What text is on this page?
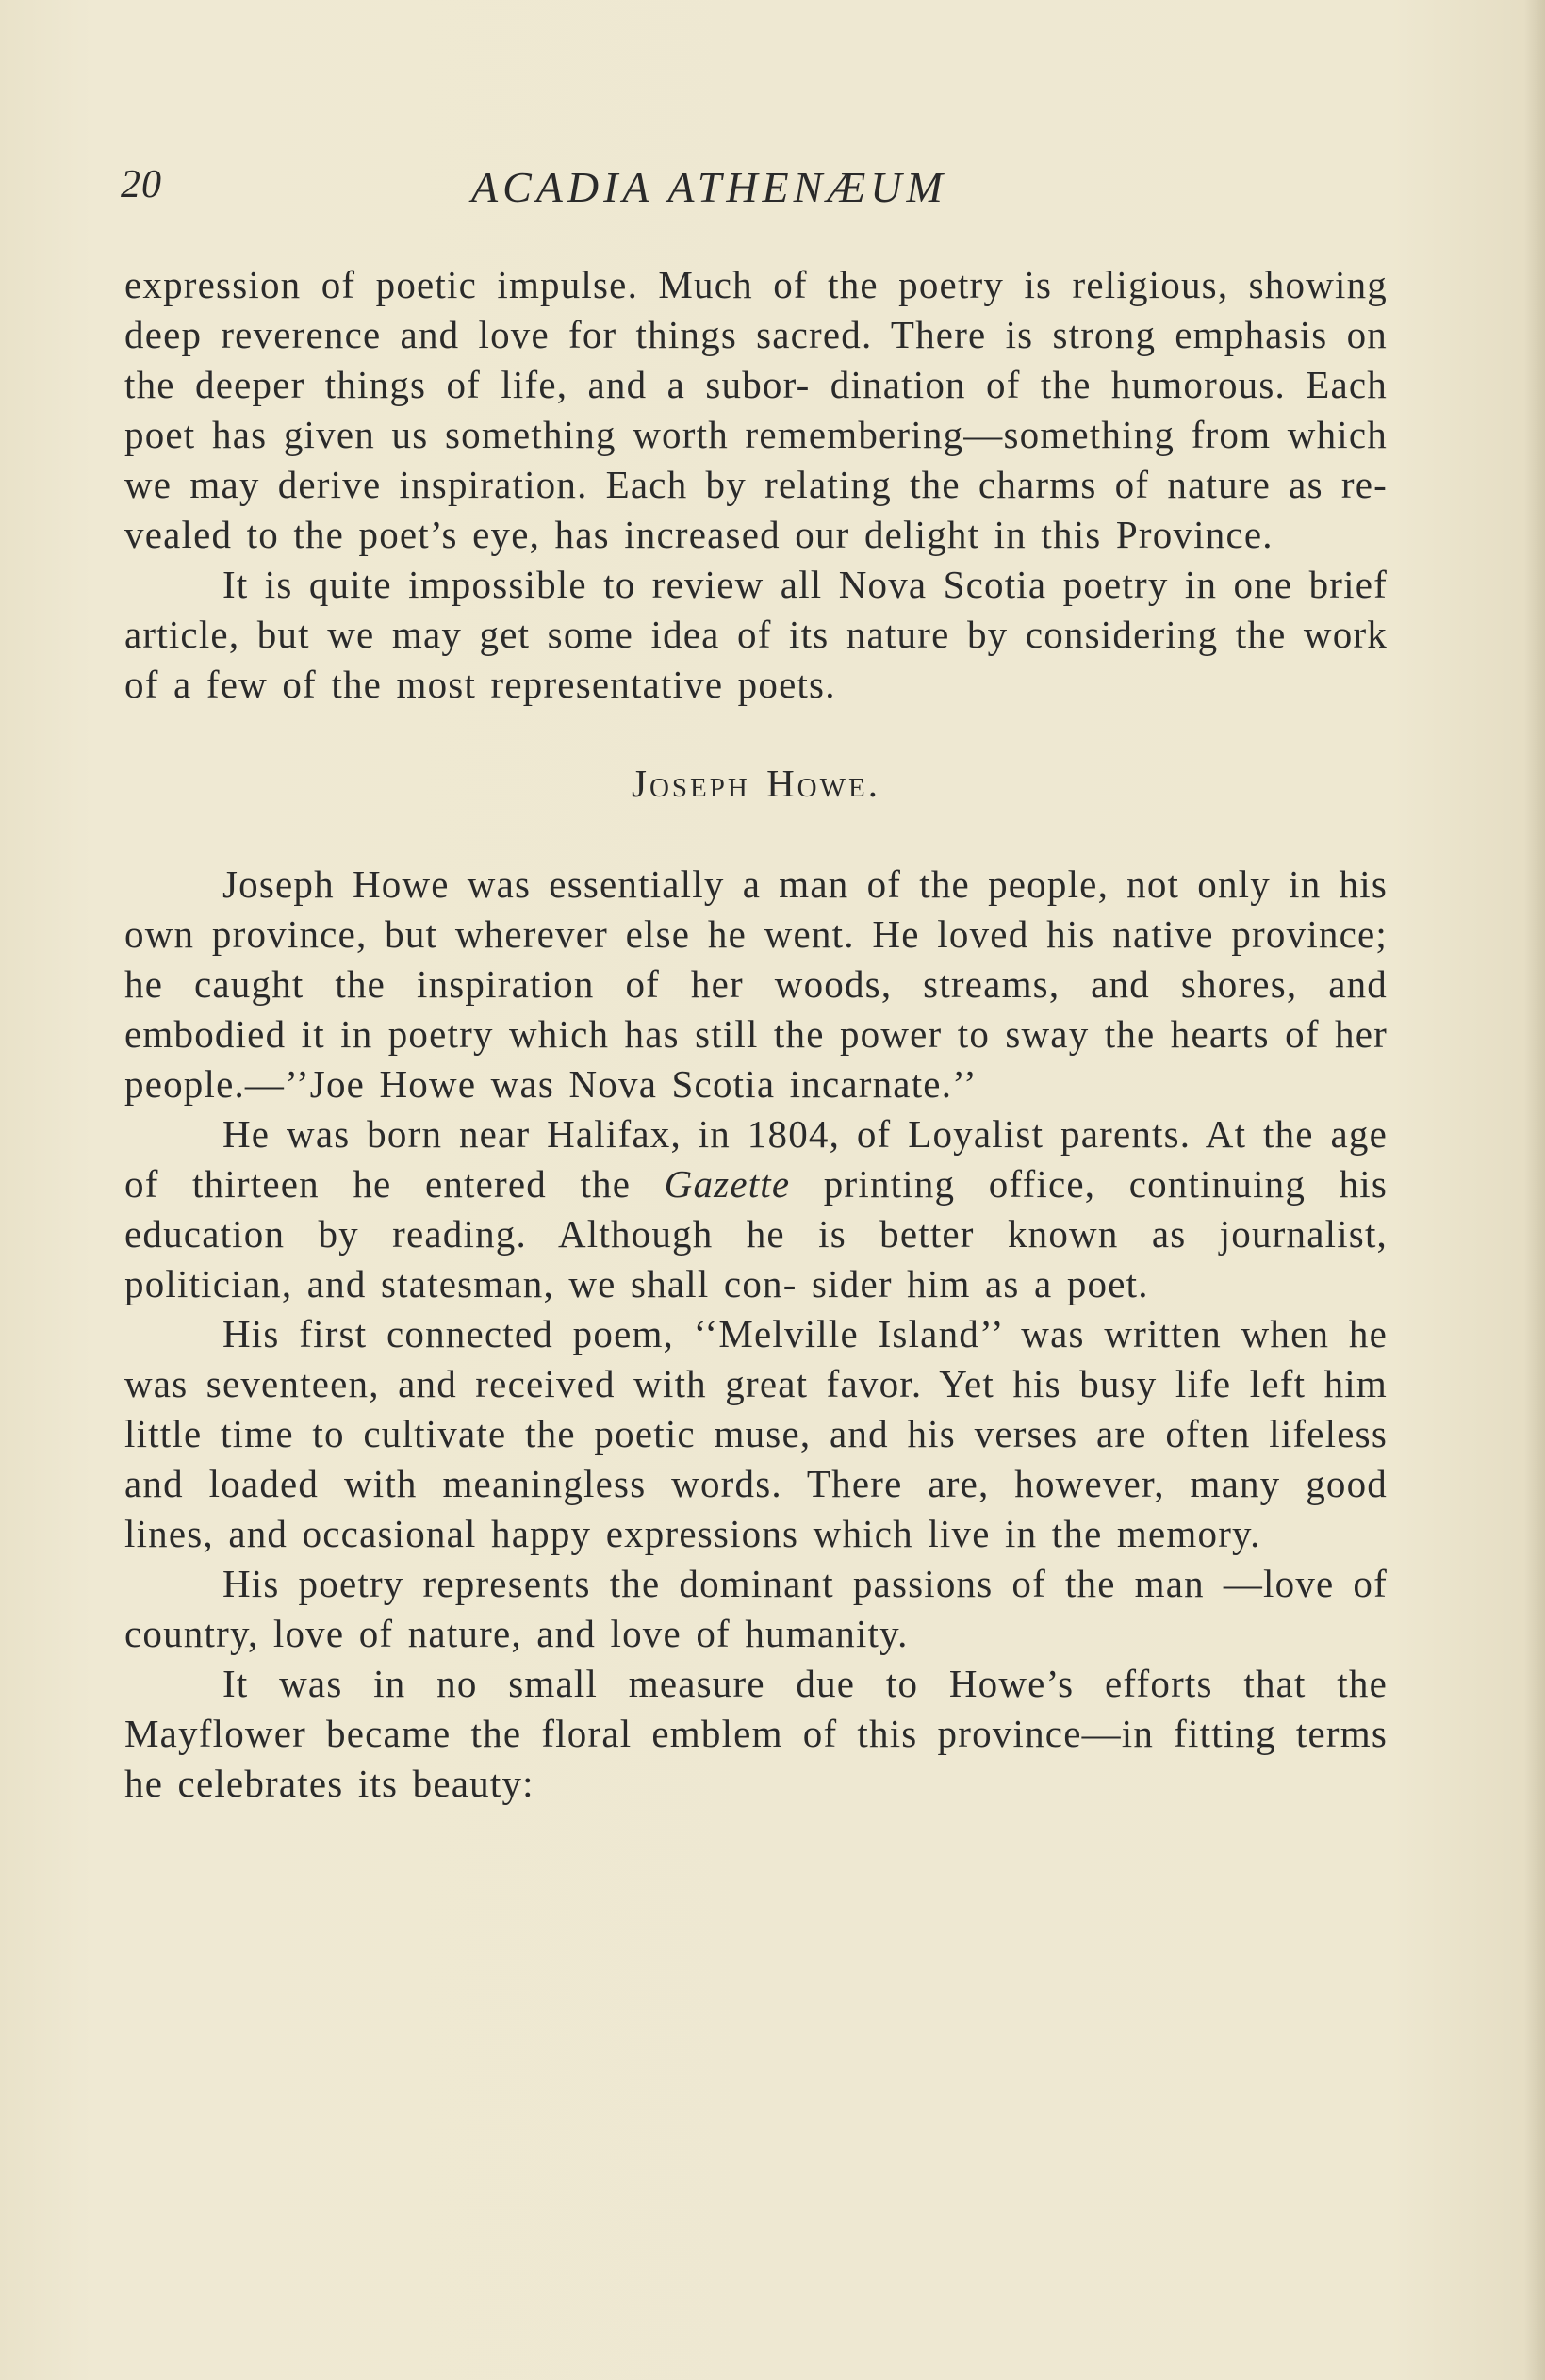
20	ACADIA ATHENÆUM

expression of poetic impulse. Much of the poetry is religious, showing deep reverence and love for things sacred. There is strong emphasis on the deeper things of life, and a subor- dination of the humorous. Each poet has given us something worth remembering—something from which we may derive inspiration. Each by relating the charms of nature as re- vealed to the poet’s eye, has increased our delight in this Province.

It is quite impossible to review all Nova Scotia poetry in one brief article, but we may get some idea of its nature by considering the work of a few of the most representative poets.

Joseph Howe.

Joseph Howe was essentially a man of the people, not only in his own province, but wherever else he went. He loved his native province; he caught the inspiration of her woods, streams, and shores, and embodied it in poetry which has still the power to sway the hearts of her people.—’’Joe Howe was Nova Scotia incarnate.’’

He was born near Halifax, in 1804, of Loyalist parents. At the age of thirteen he entered the Gazette printing office, continuing his education by reading. Although he is better known as journalist, politician, and statesman, we shall con- sider him as a poet.

His first connected poem, ‘‘Melville Island’’ was written when he was seventeen, and received with great favor. Yet his busy life left him little time to cultivate the poetic muse, and his verses are often lifeless and loaded with meaningless words. There are, however, many good lines, and occasional happy expressions which live in the memory.

His poetry represents the dominant passions of the man —love of country, love of nature, and love of humanity.

It was in no small measure due to Howe’s efforts that the Mayflower became the floral emblem of this province—in fitting terms he celebrates its beauty:
